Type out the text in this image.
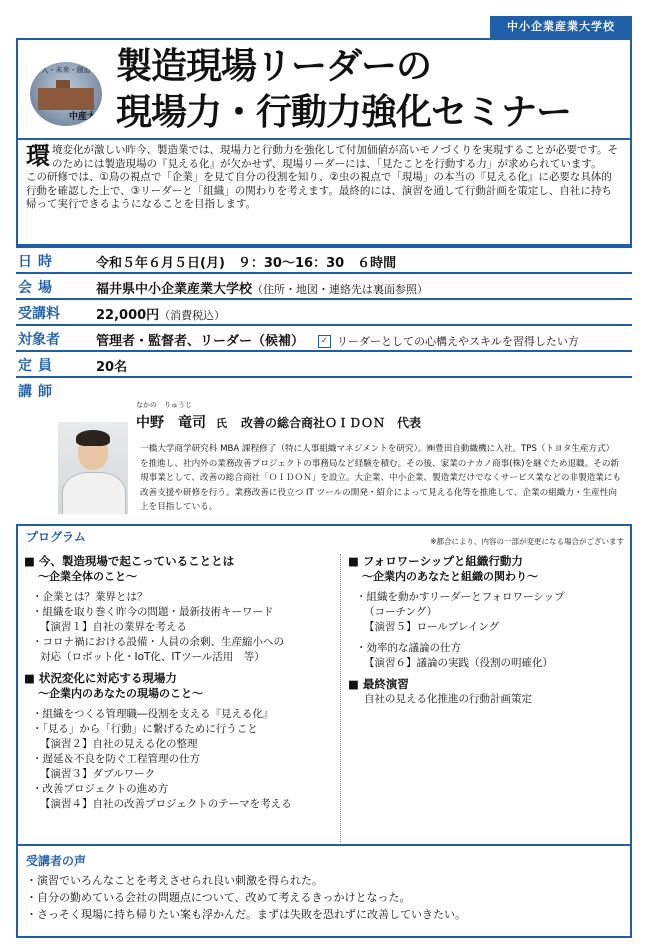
中小企業産業大学校
人・未来・創造
中産大
製造現場リーダーの
現場力・行動力強化セミナー
環 境変化が激しい昨今、製造業では、現場力と行動力を強化して付加価値が高いモノづくりを実現することが必要です。そのためには製造現場の『見える化』が欠かせず、現場リーダーには、「見たことを行動する力」が求められています。
この研修では、①鳥の視点で「企業」を見て自分の役割を知り、②虫の視点で「現場」の本当の『見える化』に必要な具体的行動を確認した上で、③リーダーと「組織」の関わりを考えます。最終的には、演習を通して行動計画を策定し、自社に持ち帰って実行できるようになることを目指します。
日時	令和５年６月５日(月)　９：30〜16：30　６時間
会場	福井県中小企業産業大学校（住所・地図・連絡先は裏面参照）
受講料	22,000円（消費税込）
対象者	管理者・監督者、リーダー（候補） ✓ リーダーとしての心構えやスキルを習得したい方
定員	20名
講師
なかの　りゅうじ
中野　竜司 氏 改善の総合商社ＯＩＤＯＮ　代表
一橋大学商学研究科 MBA 課程修了（特に人事組織マネジメントを研究）。㈱豊田自動織機に入社。TPS（トヨタ生産方式）を推進し、社内外の業務改善プロジェクトの事務局など経験を積む。その後、家業のナカノ商事(株)を継ぐため退職。その新規事業として、改善の総合商社「ＯＩＤＯＮ」を設立。大企業、中小企業、製造業だけでなくサービス業などの非製造業にも改善支援や研修を行う。業務改善に役立つ IT ツールの開発・紹介によって見える化等を推進して、企業の組織力・生産性向上を目指している。
プログラム	※都合により、内容の一部が変更になる場合がございます
■ 今、製造現場で起こっていることとは
〜企業全体のこと〜
・企業とは？業界とは？
・組織を取り巻く昨今の問題・最新技術キーワード
【演習１】自社の業界を考える
・コロナ禍における設備・人員の余剰、生産縮小への
対応（ロボット化・IoT化、ITツール活用　等）
■ 状況変化に対応する現場力
〜企業内のあなたの現場のこと〜
・組織をつくる管理職―役割を支える『見える化』
・「見る」から「行動」に繋げるために行うこと
【演習２】自社の見える化の整理
・遅延＆不良を防ぐ工程管理の仕方
【演習３】ダブルワーク
・改善プロジェクトの進め方
【演習４】自社の改善プロジェクトのテーマを考える
■ フォロワーシップと組織行動力
〜企業内のあなたと組織の関わり〜
・組織を動かすリーダーとフォロワーシップ
（コーチング）
【演習５】ロールプレイング
・効率的な議論の仕方
【演習６】議論の実践（役割の明確化）
■ 最終演習
自社の見える化推進の行動計画策定
受講者の声
・演習でいろんなことを考えさせられ良い刺激を得られた。
・自分の勤めている会社の問題点について、改めて考えるきっかけとなった。
・さっそく現場に持ち帰りたい案も浮かんだ。まずは失敗を恐れずに改善していきたい。
